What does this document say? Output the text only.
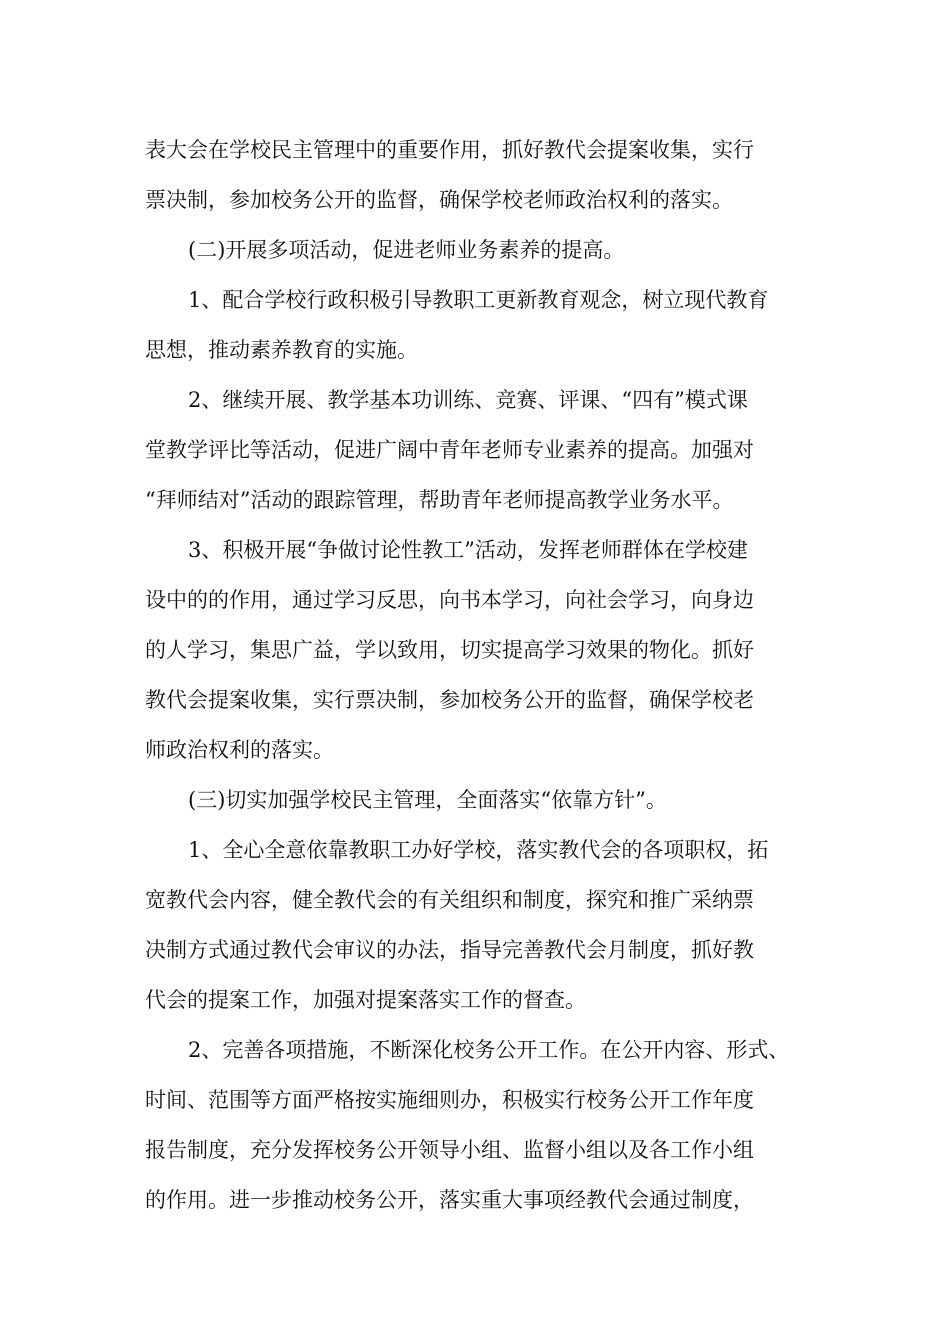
表大会在学校民主管理中的重要作用，抓好教代会提案收集，实行
票决制，参加校务公开的监督，确保学校老师政治权利的落实。
(二)开展多项活动，促进老师业务素养的提高。
1、配合学校行政积极引导教职工更新教育观念，树立现代教育
思想，推动素养教育的实施。
2、继续开展、教学基本功训练、竞赛、评课、“四有”模式课
堂教学评比等活动，促进广阔中青年老师专业素养的提高。加强对
“拜师结对”活动的跟踪管理，帮助青年老师提高教学业务水平。
3、积极开展“争做讨论性教工”活动，发挥老师群体在学校建
设中的的作用，通过学习反思，向书本学习，向社会学习，向身边
的人学习，集思广益，学以致用，切实提高学习效果的物化。抓好
教代会提案收集，实行票决制，参加校务公开的监督，确保学校老
师政治权利的落实。
(三)切实加强学校民主管理，全面落实“依靠方针”。
1、全心全意依靠教职工办好学校，落实教代会的各项职权，拓
宽教代会内容，健全教代会的有关组织和制度，探究和推广采纳票
决制方式通过教代会审议的办法，指导完善教代会月制度，抓好教
代会的提案工作，加强对提案落实工作的督查。
2、完善各项措施，不断深化校务公开工作。在公开内容、形式、
时间、范围等方面严格按实施细则办，积极实行校务公开工作年度
报告制度，充分发挥校务公开领导小组、监督小组以及各工作小组
的作用。进一步推动校务公开，落实重大事项经教代会通过制度，
